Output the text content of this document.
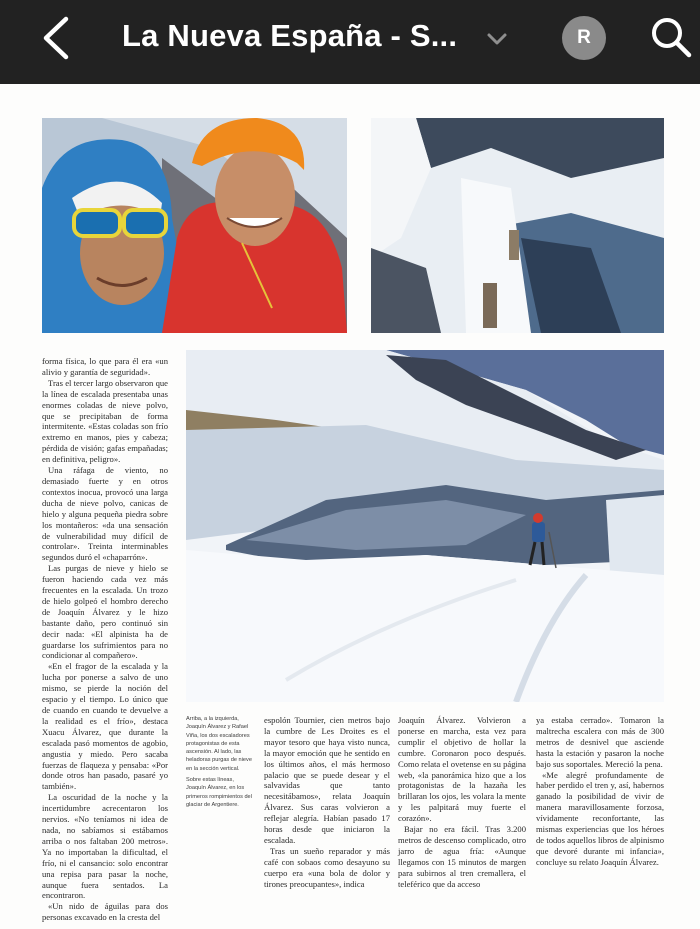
La Nueva España - S...	R

forma física, lo que para él era «un alivio y garantía de seguridad».

Tras el tercer largo observaron que la línea de escalada presentaba unas enormes coladas de nieve polvo, que se precipitaban de forma intermitente. «Estas coladas son frío extremo en manos, pies y cabeza; pérdida de visión; gafas empañadas; en definitiva, peligro».

Una ráfaga de viento, no demasiado fuerte y en otros contextos inocua, provocó una larga ducha de nieve polvo, canicas de hielo y alguna pequeña piedra sobre los montañeros: «da una sensación de vulnerabilidad muy difícil de controlar». Treinta interminables segundos duró el «chaparrón».

Las purgas de nieve y hielo se fueron haciendo cada vez más frecuentes en la escalada. Un trozo de hielo golpeó el hombro derecho de Joaquín Álvarez y le hizo bastante daño, pero continuó sin decir nada: «El alpinista ha de guardarse los sufrimientos para no condicionar al compañero».

«En el fragor de la escalada y la lucha por ponerse a salvo de uno mismo, se pierde la noción del espacio y el tiempo. Lo único que de cuando en cuando te devuelve a la realidad es el frío», destaca Xuacu Álvarez, que durante la escalada pasó momentos de agobio, angustia y miedo. Pero sacaba fuerzas de flaqueza y pensaba: «Por donde otros han pasado, pasaré yo también».

La oscuridad de la noche y la incertidumbre acrecentaron los nervios. «No teníamos ni idea de nada, no sabíamos si estábamos arriba o nos faltaban 200 metros». Ya no importaban la dificultad, el frío, ni el cansancio: solo encontrar una repisa para pasar la noche, aunque fuera sentados. La encontraron.

«Un nido de águilas para dos personas excavado en la cresta del

Arriba, a la izquierda, Joaquín Álvarez y Rafael Viña, los dos escaladores protagonistas de esta ascensión. Al lado, las heladoras purgas de nieve en la sección vertical.

Sobre estas líneas, Joaquín Álvarez, en los primeros rompimientos del glaciar de Argentiere.

espolón Tournier, cien metros bajo la cumbre de Les Droites es el mayor tesoro que haya visto nunca, la mayor emoción que he sentido en los últimos años, el más hermoso palacio que se puede desear y el salvavidas que tanto necesitábamos», relata Joaquín Álvarez. Sus caras volvieron a reflejar alegría. Habían pasado 17 horas desde que iniciaron la escalada.

Tras un sueño reparador y más café con sobaos como desayuno su cuerpo era «una bola de dolor y tirones preocupantes», indica

Joaquín Álvarez. Volvieron a ponerse en marcha, esta vez para cumplir el objetivo de hollar la cumbre. Coronaron poco después. Como relata el ovetense en su página web, «la panorámica hizo que a los protagonistas de la hazaña les brillaran los ojos, les volara la mente y les palpitará muy fuerte el corazón».

Bajar no era fácil. Tras 3.200 metros de descenso complicado, otro jarro de agua fría: «Aunque llegamos con 15 minutos de margen para subirnos al tren cremallera, el teleférico que da acceso

ya estaba cerrado». Tomaron la maltrecha escalera con más de 300 metros de desnivel que asciende hasta la estación y pasaron la noche bajo sus soportales. Mereció la pena.

«Me alegré profundamente de haber perdido el tren y, así, habernos ganado la posibilidad de vivir de manera maravillosamente forzosa, vívidamente reconfortante, las mismas experiencias que los héroes de todos aquellos libros de alpinismo que devoré durante mi infancia», concluye su relato Joaquín Álvarez.
